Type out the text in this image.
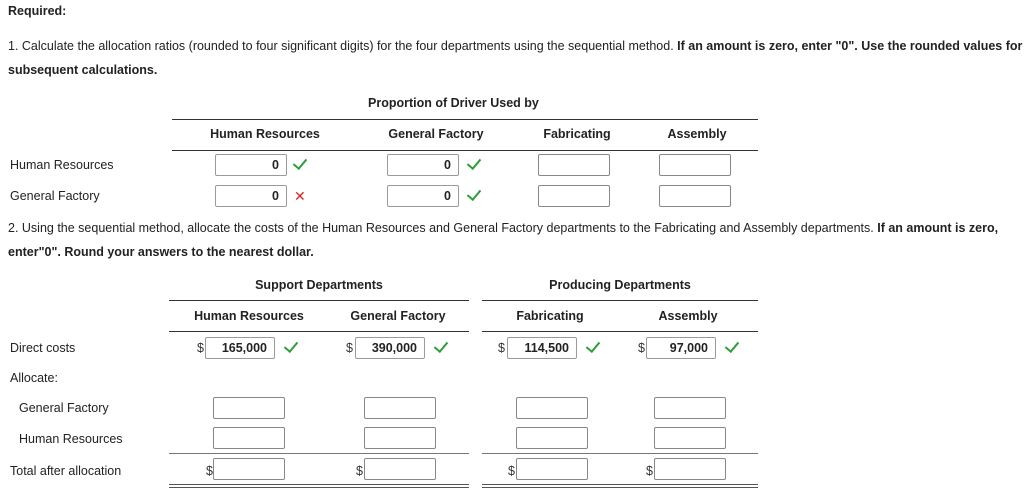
Required:
1. Calculate the allocation ratios (rounded to four significant digits) for the four departments using the sequential method. If an amount is zero, enter "0". Use the rounded values for subsequent calculations.
Proportion of Driver Used by
Human Resources	General Factory	Fabricating	Assembly
Human Resources	0	0
General Factory	0	✕	0
2. Using the sequential method, allocate the costs of the Human Resources and General Factory departments to the Fabricating and Assembly departments. If an amount is zero, enter"0". Round your answers to the nearest dollar.
Support Departments	Producing Departments
Human Resources	General Factory	Fabricating	Assembly
Direct costs	$	165,000	$	390,000	$	114,500	$	97,000
Allocate:
General Factory
Human Resources
Total after allocation	$	$	$	$
